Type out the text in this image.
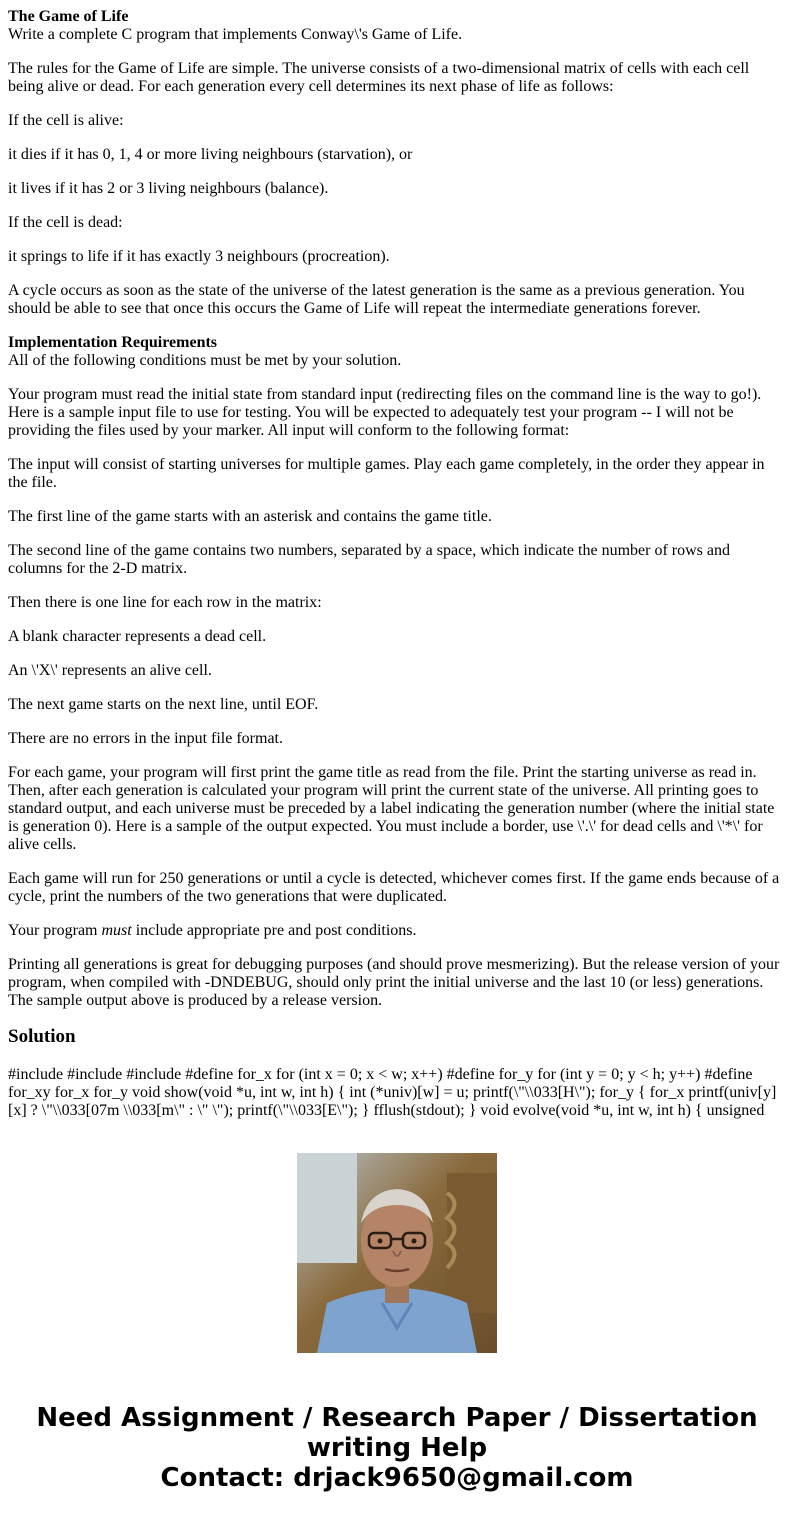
The Game of Life
Write a complete C program that implements Conway\'s Game of Life.
The rules for the Game of Life are simple. The universe consists of a two-dimensional matrix of cells with each cell being alive or dead. For each generation every cell determines its next phase of life as follows:
If the cell is alive:
it dies if it has 0, 1, 4 or more living neighbours (starvation), or
it lives if it has 2 or 3 living neighbours (balance).
If the cell is dead:
it springs to life if it has exactly 3 neighbours (procreation).
A cycle occurs as soon as the state of the universe of the latest generation is the same as a previous generation. You should be able to see that once this occurs the Game of Life will repeat the intermediate generations forever.
Implementation Requirements
All of the following conditions must be met by your solution.
Your program must read the initial state from standard input (redirecting files on the command line is the way to go!). Here is a sample input file to use for testing. You will be expected to adequately test your program -- I will not be providing the files used by your marker. All input will conform to the following format:
The input will consist of starting universes for multiple games. Play each game completely, in the order they appear in the file.
The first line of the game starts with an asterisk and contains the game title.
The second line of the game contains two numbers, separated by a space, which indicate the number of rows and columns for the 2-D matrix.
Then there is one line for each row in the matrix:
A blank character represents a dead cell.
An \'X\' represents an alive cell.
The next game starts on the next line, until EOF.
There are no errors in the input file format.
For each game, your program will first print the game title as read from the file. Print the starting universe as read in. Then, after each generation is calculated your program will print the current state of the universe. All printing goes to standard output, and each universe must be preceded by a label indicating the generation number (where the initial state is generation 0). Here is a sample of the output expected. You must include a border, use \'.\' for dead cells and \'*\' for alive cells.
Each game will run for 250 generations or until a cycle is detected, whichever comes first. If the game ends because of a cycle, print the numbers of the two generations that were duplicated.
Your program must include appropriate pre and post conditions.
Printing all generations is great for debugging purposes (and should prove mesmerizing). But the release version of your program, when compiled with -DNDEBUG, should only print the initial universe and the last 10 (or less) generations. The sample output above is produced by a release version.
Solution
#include #include #include #define for_x for (int x = 0; x < w; x++) #define for_y for (int y = 0; y < h; y++) #define for_xy for_x for_y void show(void *u, int w, int h) { int (*univ)[w] = u; printf(\"\\033[H\"); for_y { for_x printf(univ[y][x] ? \"\\033[07m \\033[m\" : \" \"); printf(\"\\033[E\"); } fflush(stdout); } void evolve(void *u, int w, int h) { unsigned
Need Assignment / Research Paper / Dissertation
writing Help
Contact: drjack9650@gmail.com
